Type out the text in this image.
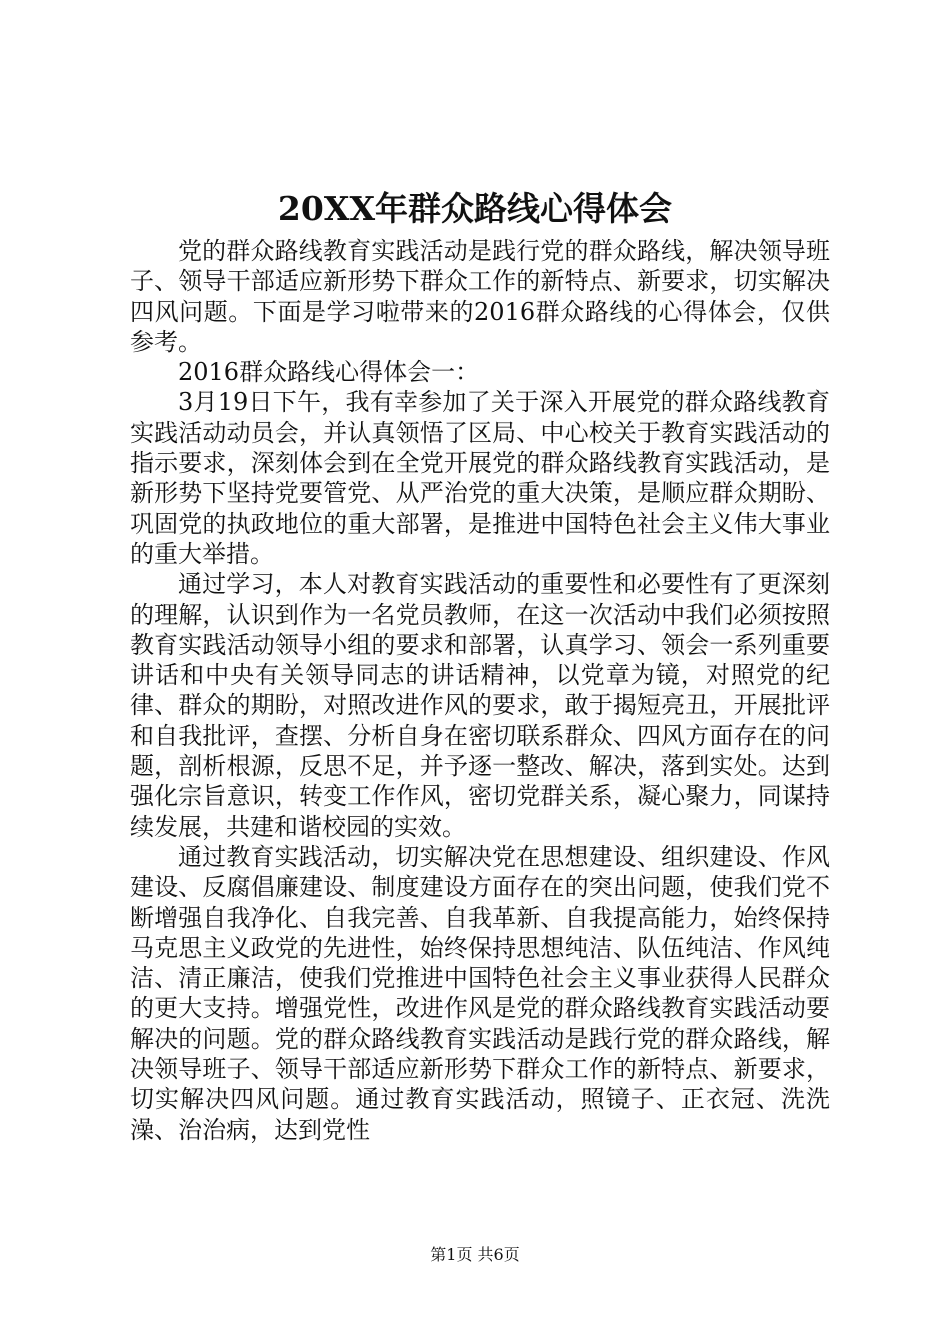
20XX年群众路线心得体会

党的群众路线教育实践活动是践行党的群众路线，解决领导班子、领导干部适应新形势下群众工作的新特点、新要求，切实解决四风问题。下面是学习啦带来的2016群众路线的心得体会，仅供参考。

2016群众路线心得体会一：

3月19日下午，我有幸参加了关于深入开展党的群众路线教育实践活动动员会，并认真领悟了区局、中心校关于教育实践活动的指示要求，深刻体会到在全党开展党的群众路线教育实践活动，是新形势下坚持党要管党、从严治党的重大决策，是顺应群众期盼、巩固党的执政地位的重大部署，是推进中国特色社会主义伟大事业的重大举措。

通过学习，本人对教育实践活动的重要性和必要性有了更深刻的理解，认识到作为一名党员教师，在这一次活动中我们必须按照教育实践活动领导小组的要求和部署，认真学习、领会一系列重要讲话和中央有关领导同志的讲话精神，以党章为镜，对照党的纪律、群众的期盼，对照改进作风的要求，敢于揭短亮丑，开展批评和自我批评，查摆、分析自身在密切联系群众、四风方面存在的问题，剖析根源，反思不足，并予逐一整改、解决，落到实处。达到强化宗旨意识，转变工作作风，密切党群关系，凝心聚力，同谋持续发展，共建和谐校园的实效。

通过教育实践活动，切实解决党在思想建设、组织建设、作风建设、反腐倡廉建设、制度建设方面存在的突出问题，使我们党不断增强自我净化、自我完善、自我革新、自我提高能力，始终保持马克思主义政党的先进性，始终保持思想纯洁、队伍纯洁、作风纯洁、清正廉洁，使我们党推进中国特色社会主义事业获得人民群众的更大支持。增强党性，改进作风是党的群众路线教育实践活动要解决的问题。党的群众路线教育实践活动是践行党的群众路线，解决领导班子、领导干部适应新形势下群众工作的新特点、新要求，切实解决四风问题。通过教育实践活动，照镜子、正衣冠、洗洗澡、治治病，达到党性

第1页 共6页
